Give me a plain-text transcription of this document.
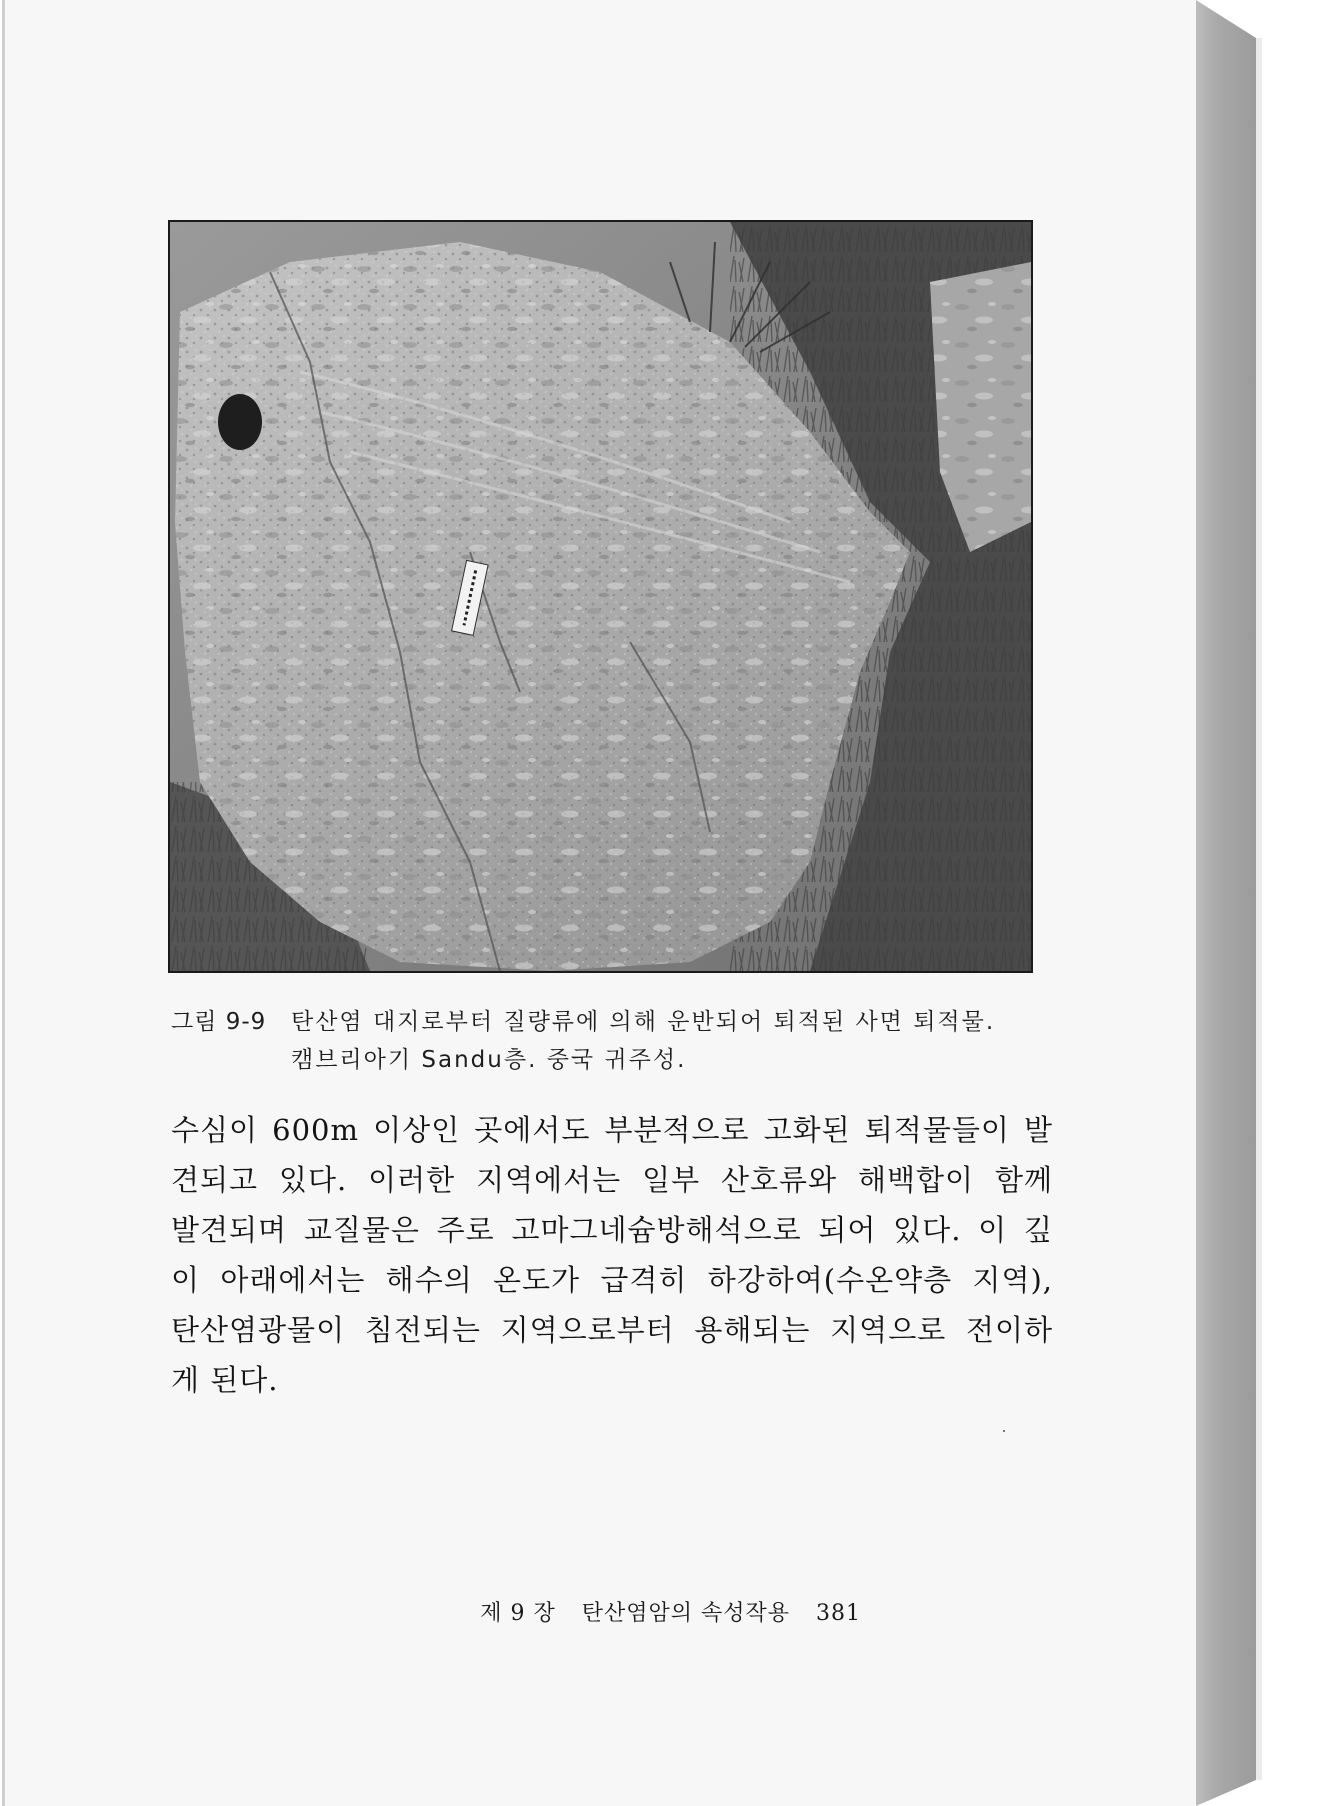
그림 9-9	탄산염 대지로부터 질량류에 의해 운반되어 퇴적된 사면 퇴적물.
캠브리아기 Sandu층. 중국 귀주성.
수심이 600m 이상인 곳에서도 부분적으로 고화된 퇴적물들이 발
견되고 있다. 이러한 지역에서는 일부 산호류와 해백합이 함께
발견되며 교질물은 주로 고마그네슘방해석으로 되어 있다. 이 깊
이 아래에서는 해수의 온도가 급격히 하강하여(수온약층 지역),
탄산염광물이 침전되는 지역으로부터 용해되는 지역으로 전이하
게 된다.
제 9 장 탄산염암의 속성작용 381
